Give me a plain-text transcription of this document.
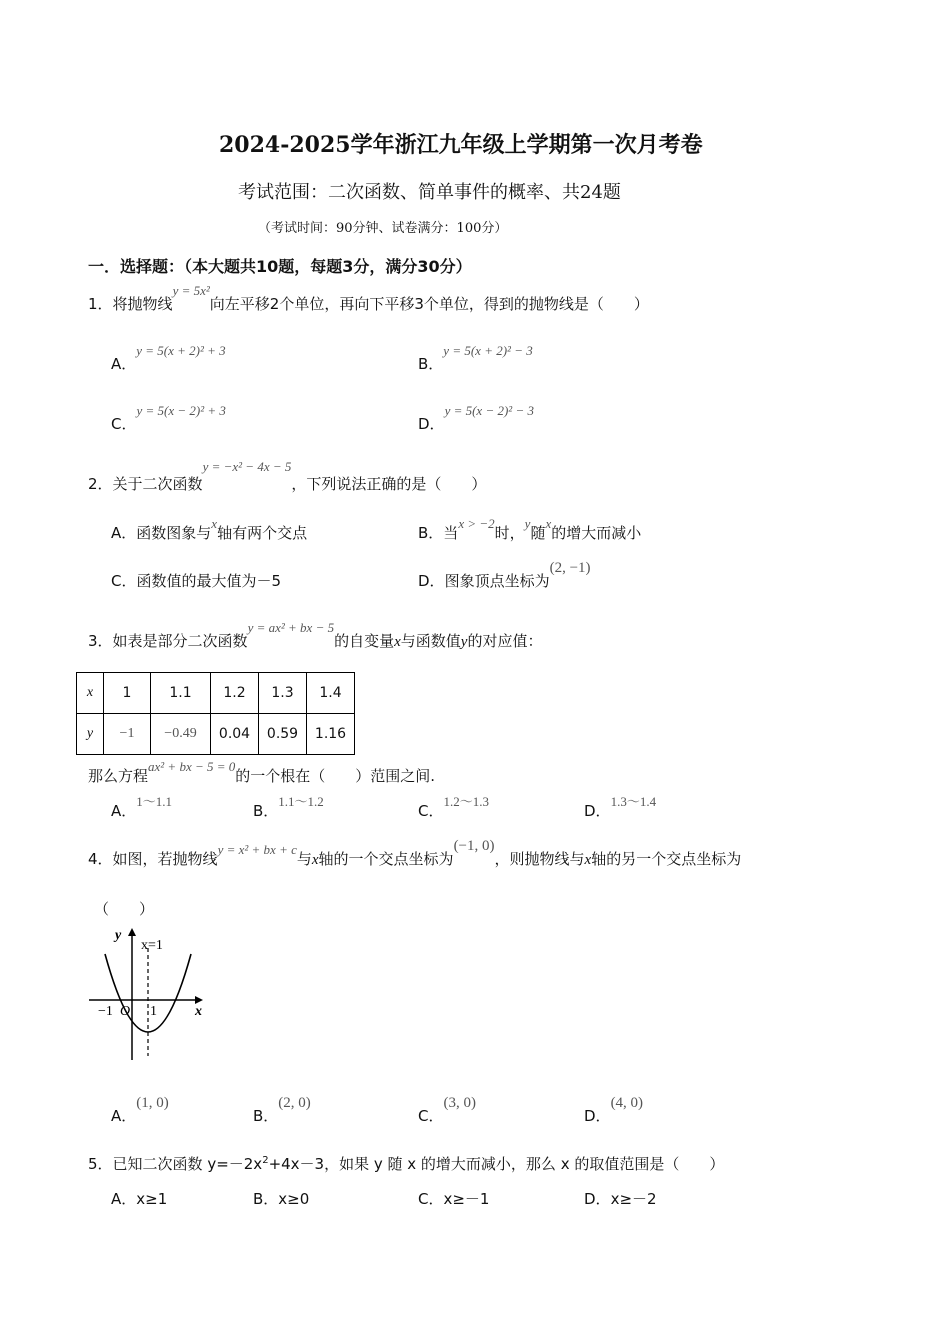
2024-2025学年浙江九年级上学期第一次月考卷
考试范围：二次函数、简单事件的概率、共24题
（考试时间：90分钟、试卷满分：100分）
一．选择题：（本大题共10题，每题3分，满分30分）
1．将抛物线y = 5x²向左平移2个单位，再向下平移3个单位，得到的抛物线是（　　）
A．y = 5(x + 2)² + 3
B．y = 5(x + 2)² − 3
C．y = 5(x − 2)² + 3
D．y = 5(x − 2)² − 3
2．关于二次函数y = −x² − 4x − 5，下列说法正确的是（　　）
A．函数图象与x轴有两个交点	B．当x > −2时，y随x的增大而减小
C．函数值的最大值为－5	D．图象顶点坐标为(2, −1)
3．如表是部分二次函数y = ax² + bx − 5的自变量x与函数值y的对应值：
x	1	1.1	1.2	1.3	1.4
y	−1	−0.49	0.04	0.59	1.16
那么方程ax² + bx − 5 = 0的一个根在（　　）范围之间.
A．1～1.1
B．1.1～1.2
C．1.2～1.3
D．1.3～1.4
4．如图，若抛物线y = x² + bx + c与x轴的一个交点坐标为(−1, 0)，则抛物线与x轴的另一个交点坐标为
（　　）
y
x
x=1
O
−1	1
A．(1, 0)
B．(2, 0)
C．(3, 0)
D．(4, 0)
5．已知二次函数 $y=-2x^2+4x-3$，如果 y 随 x 的增大而减小，那么 x 的取值范围是（　　）
A．x≥1	B．x≥0	C．x≥－1	D．x≥－2
